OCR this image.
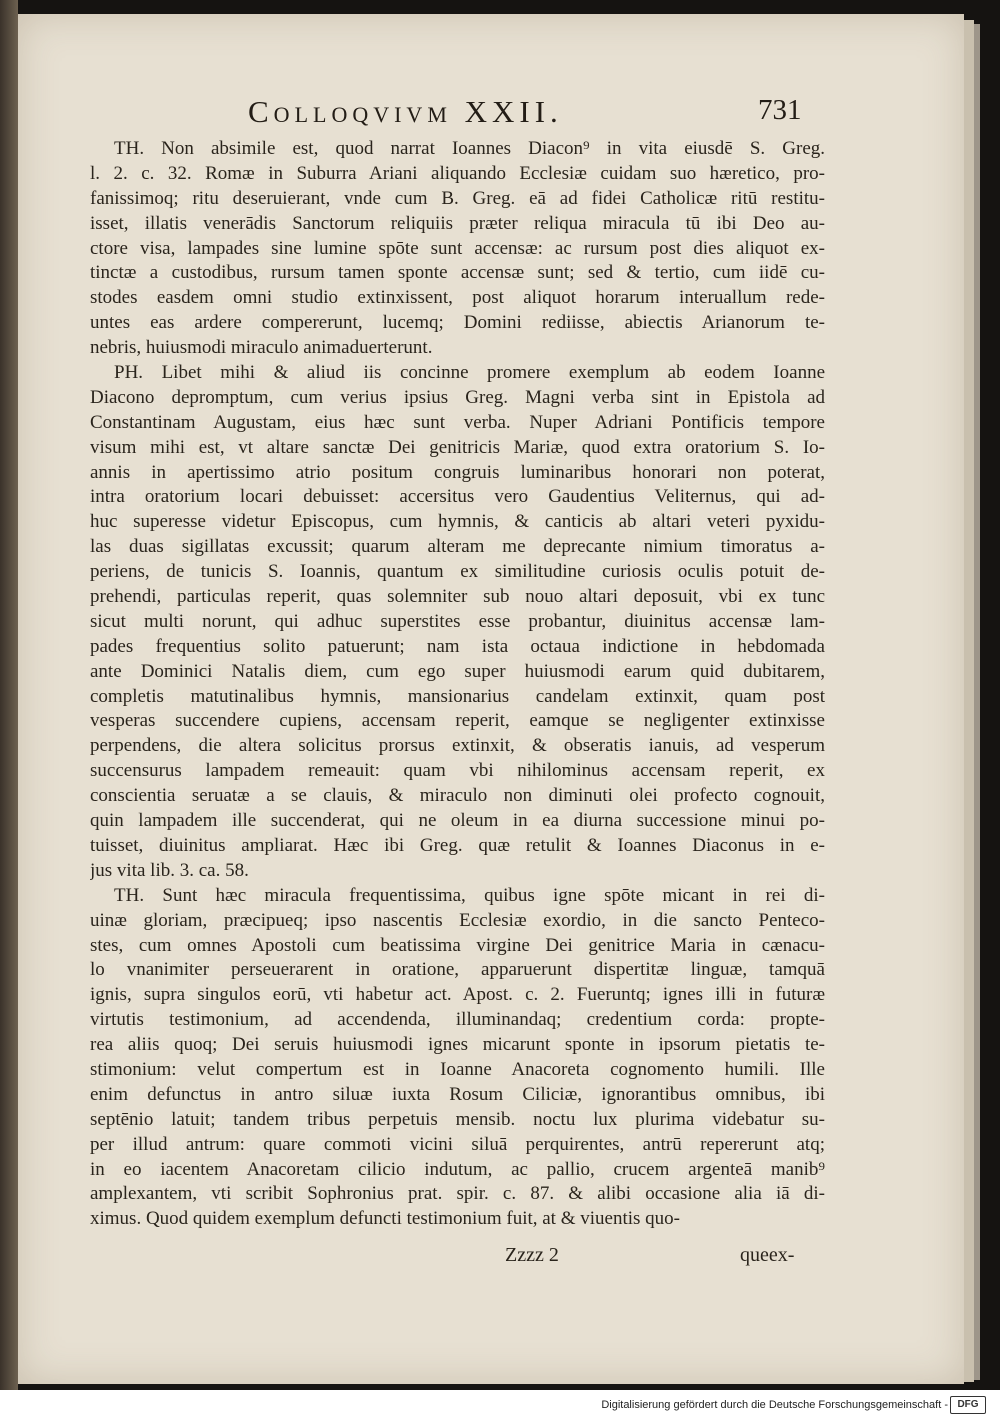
Colloqvivm XXII.	731
TH. Non absimile est, quod narrat Ioannes Diacon⁹ in vita eiusdē S. Greg.
l. 2. c. 32. Romæ in Suburra Ariani aliquando Ecclesiæ cuidam suo hæretico, pro-
fanissimoq; ritu deseruierant, vnde cum B. Greg. eā ad fidei Catholicæ ritū restitu-
isset, illatis venerādis Sanctorum reliquiis præter reliqua miracula tū ibi Deo au-
ctore visa, lampades sine lumine spōte sunt accensæ: ac rursum post dies aliquot ex-
tinctæ a custodibus, rursum tamen sponte accensæ sunt; sed & tertio, cum iidē cu-
stodes easdem omni studio extinxissent, post aliquot horarum interuallum rede-
untes eas ardere compererunt, lucemq; Domini rediisse, abiectis Arianorum te-
nebris, huiusmodi miraculo animaduerterunt.
PH. Libet mihi & aliud iis concinne promere exemplum ab eodem Ioanne
Diacono depromptum, cum verius ipsius Greg. Magni verba sint in Epistola ad
Constantinam Augustam, eius hæc sunt verba. Nuper Adriani Pontificis tempore
visum mihi est, vt altare sanctæ Dei genitricis Mariæ, quod extra oratorium S. Io-
annis in apertissimo atrio positum congruis luminaribus honorari non poterat,
intra oratorium locari debuisset: accersitus vero Gaudentius Veliternus, qui ad-
huc superesse videtur Episcopus, cum hymnis, & canticis ab altari veteri pyxidu-
las duas sigillatas excussit; quarum alteram me deprecante nimium timoratus a-
periens, de tunicis S. Ioannis, quantum ex similitudine curiosis oculis potuit de-
prehendi, particulas reperit, quas solemniter sub nouo altari deposuit, vbi ex tunc
sicut multi norunt, qui adhuc superstites esse probantur, diuinitus accensæ lam-
pades frequentius solito patuerunt; nam ista octaua indictione in hebdomada
ante Dominici Natalis diem, cum ego super huiusmodi earum quid dubitarem,
completis matutinalibus hymnis, mansionarius candelam extinxit, quam post
vesperas succendere cupiens, accensam reperit, eamque se negligenter extinxisse
perpendens, die altera solicitus prorsus extinxit, & obseratis ianuis, ad vesperum
succensurus lampadem remeauit: quam vbi nihilominus accensam reperit, ex
conscientia seruatæ a se clauis, & miraculo non diminuti olei profecto cognouit,
quin lampadem ille succenderat, qui ne oleum in ea diurna successione minui po-
tuisset, diuinitus ampliarat. Hæc ibi Greg. quæ retulit & Ioannes Diaconus in e-
jus vita lib. 3. ca. 58.
TH. Sunt hæc miracula frequentissima, quibus igne spōte micant in rei di-
uinæ gloriam, præcipueq; ipso nascentis Ecclesiæ exordio, in die sancto Penteco-
stes, cum omnes Apostoli cum beatissima virgine Dei genitrice Maria in cænacu-
lo vnanimiter perseuerarent in oratione, apparuerunt dispertitæ linguæ, tamquā
ignis, supra singulos eorū, vti habetur act. Apost. c. 2. Fueruntq; ignes illi in futuræ
virtutis testimonium, ad accendenda, illuminandaq; credentium corda: propte-
rea aliis quoq; Dei seruis huiusmodi ignes micarunt sponte in ipsorum pietatis te-
stimonium: velut compertum est in Ioanne Anacoreta cognomento humili. Ille
enim defunctus in antro siluæ iuxta Rosum Ciliciæ, ignorantibus omnibus, ibi
septēnio latuit; tandem tribus perpetuis mensib. noctu lux plurima videbatur su-
per illud antrum: quare commoti vicini siluā perquirentes, antrū repererunt atq;
in eo iacentem Anacoretam cilicio indutum, ac pallio, crucem argenteā manib⁹
amplexantem, vti scribit Sophronius prat. spir. c. 87. & alibi occasione alia iā di-
ximus. Quod quidem exemplum defuncti testimonium fuit, at & viuentis quo-
Zzzz 2	queex-
Digitalisierung gefördert durch die Deutsche Forschungsgemeinschaft - DFG
